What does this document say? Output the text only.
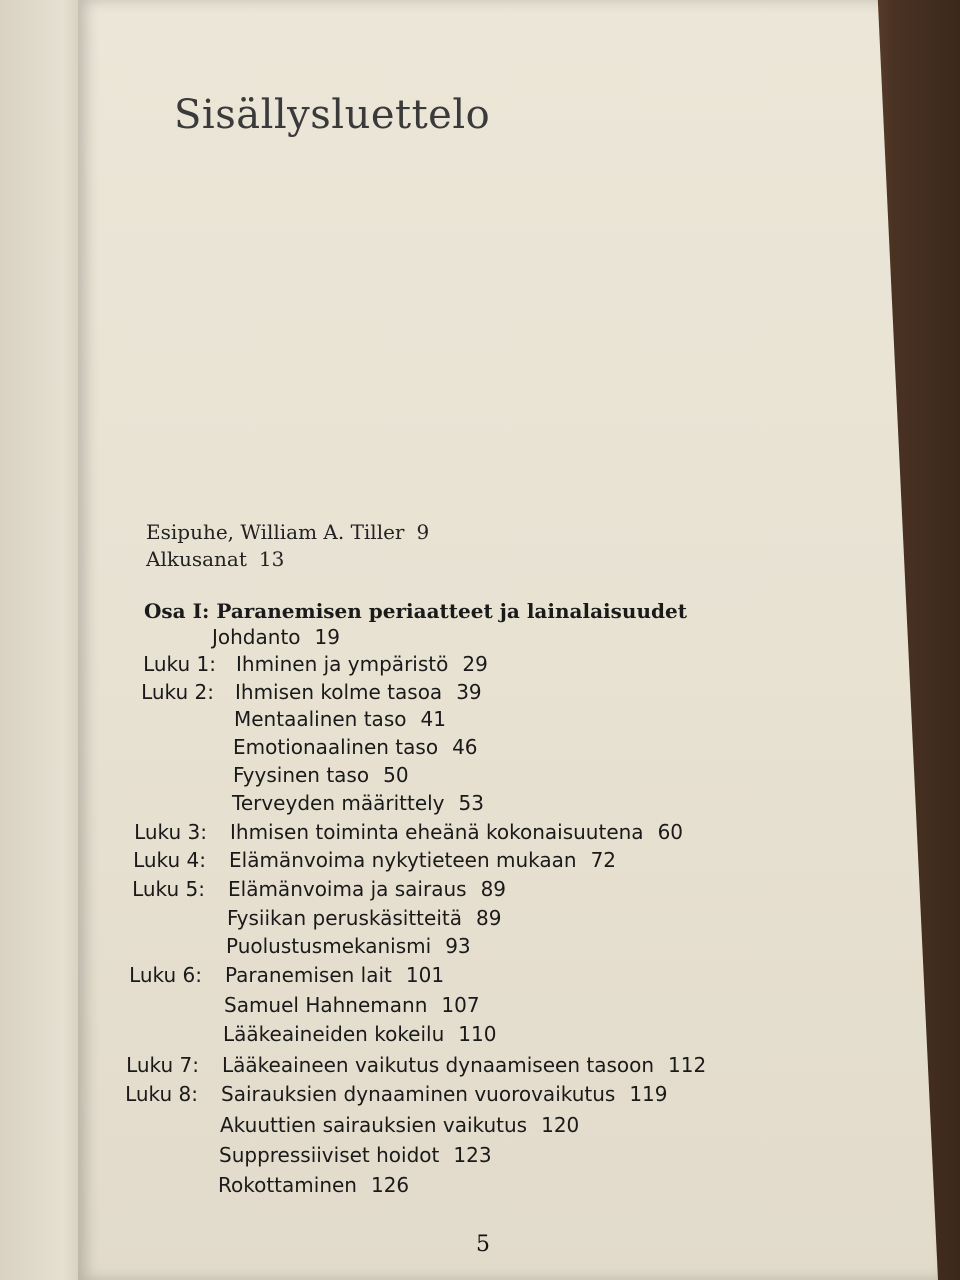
Sisällysluettelo
Esipuhe, William A. Tiller 9
Alkusanat 13
Osa I: Paranemisen periaatteet ja lainalaisuudet
Johdanto 19
Luku 1: Ihminen ja ympäristö 29
Luku 2: Ihmisen kolme tasoa 39
Mentaalinen taso 41
Emotionaalinen taso 46
Fyysinen taso 50
Terveyden määrittely 53
Luku 3: Ihmisen toiminta eheänä kokonaisuutena 60
Luku 4: Elämänvoima nykytieteen mukaan 72
Luku 5: Elämänvoima ja sairaus 89
Fysiikan peruskäsitteitä 89
Puolustusmekanismi 93
Luku 6: Paranemisen lait 101
Samuel Hahnemann 107
Lääkeaineiden kokeilu 110
Luku 7: Lääkeaineen vaikutus dynaamiseen tasoon 112
Luku 8: Sairauksien dynaaminen vuorovaikutus 119
Akuuttien sairauksien vaikutus 120
Suppressiiviset hoidot 123
Rokottaminen 126
5
